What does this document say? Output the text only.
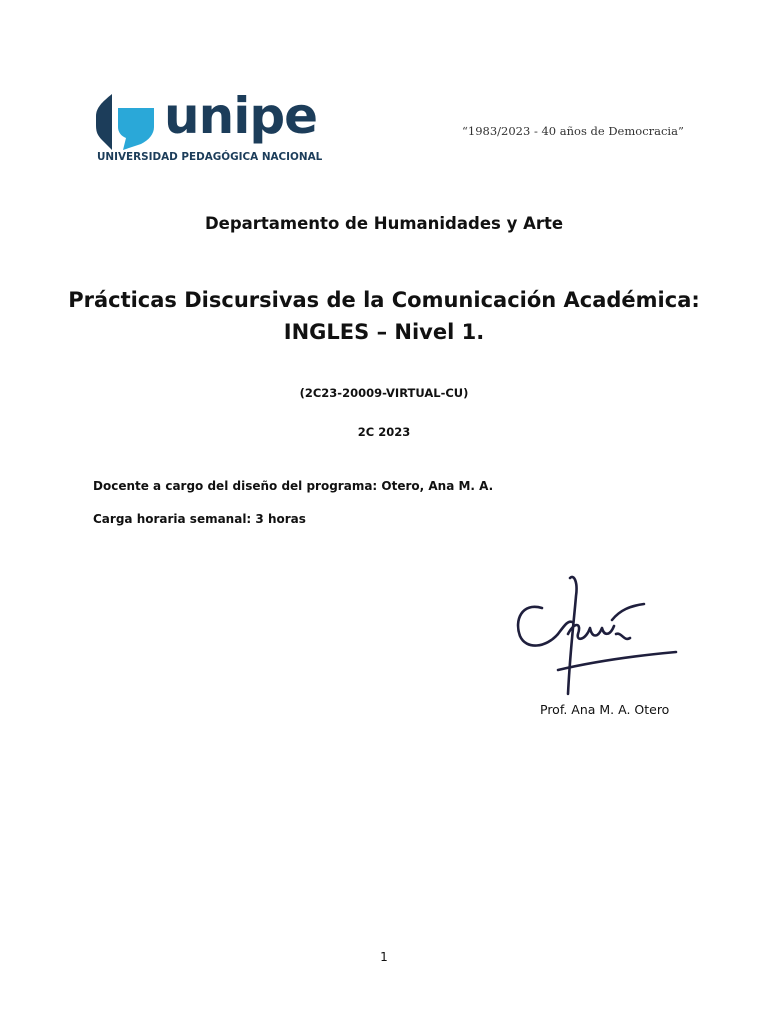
unipe
UNIVERSIDAD PEDAGÓGICA NACIONAL
“1983/2023 - 40 años de Democracia”
Departamento de Humanidades y Arte
Prácticas Discursivas de la Comunicación Académica:
INGLES – Nivel 1.
(2C23-20009-VIRTUAL-CU)
2C 2023
Docente a cargo del diseño del programa: Otero, Ana M. A.
Carga horaria semanal: 3 horas
Prof. Ana M. A. Otero
1
